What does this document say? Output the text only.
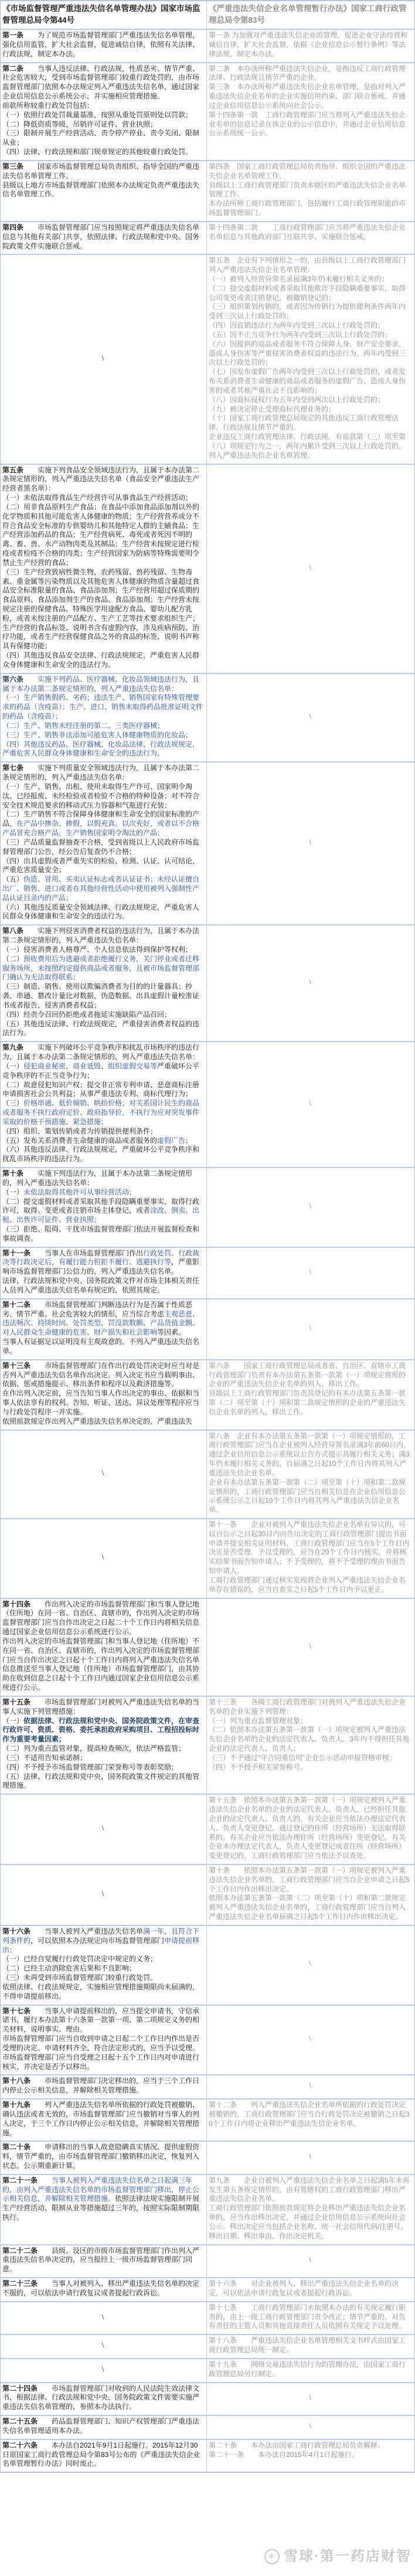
《市场监督管理严重违法失信名单管理办法》国家市场监督管理总局令第44号

《严重违法失信企业名单管理暂行办法》国家工商行政管理总局令第83号

第一条　　为了规范市场监督管理部门严重违法失信名单管理，强化信用监管，扩大社会监督，促进诚信自律，依照有关法律、行政法规，制定本办法。

第一条 为加强对严重违法失信企业的管理，促进企业守法经营和诚信自律，扩大社会监督，依据《企业信息公示暂行条例》等法律法规，制定本办法。

第二条　　当事人违反法律、行政法规，性质恶劣、情节严重、社会危害较大，受到市场监督管理部门较重行政处罚的，由市场监督管理部门依照本办法规定列入严重违法失信名单，通过国家企业信用信息公示系统公示，并实施相应管理措施。

前款所称较重行政处罚包括：

（一）依照行政处罚裁量基准，按照从重处罚原则处以罚款；

（二）降低资质等级，吊销许可证件、营业执照；

（三）限制开展生产经营活动、责令停产停业、责令关闭、限制从业；

（四）法律、行政法规和部门规章规定的其他较重行政处罚。

第二条　本办法所称严重违法失信企业，是指违反工商行政管理法律、行政法规且情节严重的企业。

第三条　本办法所称严重违法失信企业名单管理，是指对列入严重违法失信企业名单的企业实施信用约束、部门联合惩戒，并通过企业信用信息公示系统向社会公示。

第十四条第一款　工商行政管理部门应当将列入严重违法失信企业名单的信息记录在该企业的公示信息中，并通过企业信用信息公示系统统一公示。

第三条　　国家市场监督管理总局负责组织、指导全国的严重违法失信名单管理工作。

县级以上地方市场监督管理部门依照本办法规定负责严重违法失信名单管理工作。

第四条　国家工商行政管理总局负责指导、组织全国的严重违法失信企业名单管理工作。

县级以上工商行政管理部门负责本辖区的严重违法失信企业名单管理工作。

本办法所称工商行政管理部门，包括履行工商行政管理职能的市场监督管理部门。

第四条　　市场监督管理部门应当按照规定将严重违法失信名单信息与其他有关部门共享，依照法律、行政法规和党中央、国务院政策文件实施联合惩戒。

第十四条第二款　　工商行政管理部门应当将严重违法失信企业名单信息与其他政府部门互联共享，实施联合惩戒。

\

第五条　企业有下列情形之一的，由县级以上工商行政管理部门列入严重违法失信企业名单管理：

（一）被列入经营异常名录届满3年仍未履行相关义务的；

（二）提交虚假材料或者采取其他欺诈手段隐瞒重要事实，取得公司变更或者注销登记，被撤销登记的；

（三）组织策划传销的，或者因为传销行为提供便利条件两年内受到三次以上行政处罚的；

（四）因直销违法行为两年内受到三次以上行政处罚的；

（五）因不正当竞争行为两年内受到三次以上行政处罚的；

（六）因提供的商品或者服务不符合保障人身、财产安全要求，造成人身伤害等严重侵害消费者权益的违法行为，两年内受到三次以上行政处罚的；

（七）因发布虚假广告两年内受到三次以上行政处罚的，或者发布关系消费者生命健康的商品或者服务的虚假广告，造成人身伤害的或者其他严重社会不良影响的；

（八）因商标侵权行为五年内受到两次以上行政处罚的；

（九）被决定停止受理商标代理业务的；

（十）国家工商行政管理总局规定的其他违反工商行政管理法律、行政法规且情节严重的。

企业违反工商行政管理法律、行政法规，有前款第（三）项至第（八）项规定行为之一，两年内累计受到三次以上行政处罚的，列入严重违法失信企业名单管理。

第五条　　实施下列食品安全领域违法行为，且属于本办法第二条规定情形的，列入严重违法失信名单（食品安全严重违法生产经营者黑名单）：

（一）未依法取得食品生产经营许可从事食品生产经营活动；

（二）用非食品原料生产食品；在食品中添加食品添加剂以外的化学物质和其他可能危害人体健康的物质；生产经营营养成分不符合食品安全标准的专供婴幼儿和其他特定人群的主辅食品；生产经营添加药品的食品；生产经营病死、毒死或者死因不明的禽、畜、兽、水产动物肉类及其制品；生产经营未按规定进行检疫或者检疫不合格的肉类；生产经营国家为防病等特殊需要明令禁止生产经营的食品；

（三）生产经营致病性微生物，农药残留、兽药残留、生物毒素、重金属等污染物质以及其他危害人体健康的物质含量超过食品安全标准限量的食品、食品添加剂；生产经营用超过保质期的食品原料、食品添加剂生产的食品、食品添加剂；生产经营未按规定注册的保健食品、特殊医学用途配方食品、婴幼儿配方乳粉，或者未按注册的产品配方、生产工艺等技术要求组织生产；生产经营的食品标签、说明书含有虚假内容，涉及疾病预防、治疗功能，或者生产经营保健食品之外的食品的标签、说明书声称具有保健功能；

（四）其他违反食品安全法律、行政法规规定，严重危害人民群众身体健康和生命安全的违法行为。

\

第六条　　实施下列药品、医疗器械、化妆品领域违法行为，且属于本办法第二条规定情形的，列入严重违法失信名单：

（一）生产销售假药、劣药；违法生产、销售国家有特殊管理要求的药品（含疫苗）；生产、进口、销售未取得药品批准证明文件的药品（含疫苗）；

（二）生产、销售未经注册的第二、三类医疗器械；

（三）生产、销售非法添加可能危害人体健康物质的化妆品；

（四）其他违反药品、医疗器械、化妆品法律、行政法规规定，严重危害人民群众身体健康和生命安全的违法行为。

\

第七条　　实施下列质量安全领域违法行为，且属于本办法第二条规定情形的，列入严重违法失信名单：

（一）生产、销售、出租、使用未取得生产许可、国家明令淘汰、已经报废、未经检验或者检验不合格的特种设备；对不符合安全技术规范要求的移动式压力容器和气瓶进行充装；

（二）生产销售不符合保障身体健康和生命安全的国家标准的产品，在产品中掺杂、掺假，以假充真、以次充好，或者以不合格产品冒充合格产品，生产销售国家明令淘汰的产品；

（三）产品质量监督抽查不合格，受到省级以上人民政府市场监督管理部门公告，经公告后复查仍不合格；

（四）出具虚假或者严重失实的检验、检测、认证、认可结论，严重危害质量安全；

（五）伪造、冒用、买卖认证标志或者认证证书；未经认证擅自出厂、销售、进口或者在其他经营性活动中使用被列入强制性产品认证目录内的产品；

（六）其他违反质量安全领域法律、行政法规规定，严重危害人民群众身体健康和生命安全的违法行为。

\

第八条　　实施下列侵害消费者权益的违法行为，且属于本办法第二条规定情形的，列入严重违法失信名单：

（一）侵害消费者人格尊严、个人信息依法得到保护等权利；

（二）预收费用后为逃避或者拒绝履行义务，关门停业或者迁移服务场所，未按照约定提供商品或者服务，且被市场监督管理部门确认为无法取得联系；

（三）制造、销售、使用以欺骗消费者为目的的计量器具；抄袭、串通、篡改计量比对数据，伪造数据、出具虚假计量校准证书或者报告，侵害消费者权益；

（四）经责令召回仍拒绝或者拖延实施缺陷产品召回；

（五）其他违反法律、行政法规规定，严重侵害消费者权益的违法行为。

\

第九条　　实施下列破坏公平竞争秩序和扰乱市场秩序的违法行为，且属于本办法第二条规定情形的，列入严重违法失信名单：

（一）侵犯商业秘密、商业诋毁、组织虚假交易等严重破坏公平竞争秩序的不正当竞争行为；

（二）故意侵犯知识产权；提交非正常专利申请、恶意商标注册申请损害社会公共利益；从事严重违法专利、商标代理行为；

（三）价格串通、低价倾销、哄抬价格；对关系国计民生的商品或者服务不执行政府定价、政府指导价，不执行为应对突发事件采取的价格干预措施、紧急措施；

（四）组织、策划传销或者为传销提供便利条件；

（五）发布关系消费者生命健康的商品或者服务的虚假广告；

（六）其他违反法律、行政法规规定，严重破坏公平竞争秩序和扰乱市场秩序的违法行为。

\

第十条　　实施下列违法行为，且属于本办法第二条规定情形的，列入严重违法失信名单：

（一）未依法取得其他许可从事经营活动；

（二）提交虚假材料或者采取其他手段隐瞒重要事实，取得行政许可，取得、变更或者注销市场主体登记，或者涂改、倒卖、出租、出售许可证件、营业执照；

（三）拒绝、阻碍、干扰市场监督管理部门依法开展监督检查和事故调查。

\

第十一条　　当事人在市场监督管理部门作出行政处罚、行政裁决等行政决定后，有履行能力但拒不履行、逃避执行等，严重影响市场监督管理部门公信力的，列入严重违法失信名单。

法律、行政法规和党中央、国务院政策文件对市场主体相关责任人员列入严重违法失信名单有规定的，依照其规定。

\

第十二条　　市场监督管理部门判断违法行为是否属于性质恶劣、情节严重、社会危害较大的情形，应当综合考虑主观恶意、违法频次、持续时间、处罚类型、罚没款数额、产品货值金额、对人民群众生命健康的危害、财产损失和社会影响等因素。

当事人有证据足以证明没有主观故意的，不列入严重违法失信名单。

\

第十三条　　市场监督管理部门在作出行政处罚决定时应当对是否列入严重违法失信名单作出决定。列入决定书应当载明事由、依据、惩戒措施提示、移出条件和程序以及救济措施等。

在作出列入决定前，应当告知当事人作出决定的事由、依据和当事人依法享有的权利。告知、听证、送达、异议处理等程序应当与行政处罚程序一并实施。

依照前款规定作出列入严重违法失信名单决定的，严重违法失

第六条　　国家工商行政管理总局或者省、自治区、直辖市工商行政管理部门负责有本办法第五条第一款第（一）项规定情形的企业的严重违法失信企业名单的列入、移出工作。

县级以上工商行政管理部门负责其登记的有本办法第五条第一款第（二）项至第（十）项和第二款规定情形的企业的严重违法失信企业名单的列入、移出工作。

\

第八条　企业有本办法第五条第一款第（一）项规定情形的，工商行政管理部门应当在企业被列入经营异常名录满3年前60日内，通过企业信用信息公示系统以公告方式提示其履行相关义务；满3年仍未履行相关义务的，自届满之日起10个工作日内将其列入严重违法失信企业名单。

企业有本办法第五条第一款第（二）项至第（十）项和第二款规定情形的，工商行政管理部门应当自相关信息在企业信用信息公示系统公示之日起10个工作日内将其列入严重违法失信企业名单。

\

第十一条　　企业对被列入严重违法失信企业名单有异议的，可以自公示之日起30日内向作出决定的工商行政管理部门提出书面申请并提交相关证明材料，工商行政管理部门应当在5个工作日内决定是否受理。予以受理的，应当在20个工作日内核实，并将核实结果书面告知申请人；不予受理的，将不予受理的理由书面告知申请人。

工商行政管理部门通过核实发现将企业列入严重违法失信企业名单存在错误的，应当自查实之日起5个工作日内予以更正。

第十四条　　作出列入决定的市场监督管理部门和当事人登记地（住所地）在同一省、自治区、直辖市的，作出列入决定的市场监督管理部门应当自作出决定之日起二十个工作日内将相关信息通过国家企业信用信息公示系统进行公示。

作出列入决定的市场监督管理部门和当事人登记地（住所地）不在同一省、自治区、直辖市的，作出列入决定的市场监督管理部门应当自作出决定之日起十个工作日内将列入严重违法失信名单信息推送至当事人登记地（住所地）市场监督管理部门，由其协助在收到信息之日起十个工作日内通过国家企业信用信息公示系统进行公示。

\

第十五条　　市场监督管理部门对被列入严重违法失信名单的当事人实施下列管理措施：

（一）依据法律、行政法规和党中央、国务院政策文件，在审查行政许可、资质、资格、委托承担政府采购项目、工程招投标时作为重要考量因素；

（二）列为重点监管对象，提高检查频次，依法严格监管；

（三）不适用告知承诺制；

（四）不予授予市场监督管理部门荣誉称号等表彰奖励；

（五）法律、行政法规和党中央、国务院政策文件规定的其他管理措施。

第十三条　　各级工商行政管理部门对被列入严重违法失信企业名单的企业实施下列管理：

（一）列为重点监督管理对象；

（二）依照本办法第五条第一款第（一）项规定被列入严重违法失信企业名单的企业的法定代表人、负责人，3年内不得担任其他企业的法定代表人、负责人；

（三）不予通过“守合同重信用”企业公示活动申报资格审核；

（四）不予授予相关荣誉称号。

\

第十五条　依照本办法第五条第一款第（一）项规定被列入严重违法失信企业名单的企业的法定代表人、负责人，已经担任其他企业的法定代表人、负责人的，有关企业应当依法办理法定代表人、负责人变更登记。通过登记的住所（经营场所）无法取得联系的，有关企业应当依法办理住所（经营场所）变更登记。有关企业未办理法定代表人、负责人变更登记或者住所（经营场所）变更登记的，工商行政管理部门应当依法予以查处。

\

第十条　　依照本办法第五条第一款第（一）项规定被列入严重违法失信企业名单的，工商行政管理部门应当自企业申请之日起5个工作日内作出移出决定。

依照本办法第五条第一款第（二）项至第（十）项和第二款规定被列入严重违法失信企业名单的，工商行政管理部门应当自列入严重违法失信企业名单届满之日起5个工作日内作出移出决定。

第十六条　　当事人被列入严重违法失信名单满一年，且符合下列条件的，可以依照本办法规定向市场监督管理部门申请提前移出：

（一）已经自觉履行行政处罚决定中规定的义务；

（二）已经主动消除危害后果和不良影响；

（三）未再受到市场监督管理部门较重行政处罚。

依照法律、行政法规规定，实施相应管理措施期限尚未届满的，不得申请提前移出。

\

第十七条　　当事人申请提前移出的，应当提交申请书，守信承诺书，履行本办法第十六条第一款第一项、第二项规定义务的相关材料，说明事实、理由。

市场监督管理部门应当自收到申请之日起二个工作日内作出是否受理的决定。申请材料齐全、符合法定形式的，应当予以受理。

市场监督管理部门应当自受理之日起十五个工作日内对申请进行核实，并决定是否予以移出。

\

第十八条　　市场监督管理部门决定移出的，应当于三个工作日内停止公示相关信息，并解除相关管理措施。

\

第十九条　　列入严重违法失信名单所依据的行政处罚被撤销、确认违法或者无效的，市场监督管理部门应当撤销对当事人的列入决定，于三个工作日内停止公示相关信息，并解除相关管理措施。

第十二条　　列入严重违法失信企业名单所依据的行政处罚决定被撤销的，工商行政管理部门应当自行政处罚决定被撤销之日起30个工作日内将企业移出严重违法失信企业名单。

第二十条　　申请移出的当事人故意隐瞒真实情况、提供虚假资料，情节严重的，由市场监督管理部门撤销移出决定，恢复列入状态。公示期重新计算。

\

第二十一条　　 当事人被列入严重违法失信名单之日起满三年的，由列入严重违法失信名单的市场监督管理部门移出，停止公示相关信息，并解除相关管理措施。依照法律法规实施限制开展生产经营活动、限制从业等措施超过三年的，按照实际限制期限执行。

第九条　　企业自被列入严重违法失信企业名单之日起满5年未再发生第五条规定情形的，由有管辖权的工商行政管理部门移出严重违法失信企业名单。

工商行政管理部门依照前款规定将企业移出严重违法失信企业名单的，应当作出移出决定，并通过企业信用信息公示系统向社会公示。移出决定应当包括企业名称、统一社会信用代码/注册号、移出日期、移出事由、作出决定机关。

第二十二条　　县级、设区的市级市场监督管理部门作出列入严重违法失信名单决定的，应当报经上一级市场监督管理部门同意。

\

第二十三条　　当事人对被列入、移出严重违法失信名单的决定不服的，可以依法申请行政复议或者提起行政诉讼。

第十六条　　对企业被列入、移出严重违法失信企业名单的决定，可以依法申请行政复议或者提起行政诉讼。

\

第十七条　　工商行政管理部门未依照本办法的有关规定履行职责的，由上一级工商行政管理部门责令改正；情节严重的，对负有责任的主管人员和其他直接责任人员依照有关规定予以处理。

\

第十八条　　严重违法失信企业名单管理相关文书样式由国家工商行政管理总局统一制定。

\

第十九条　　网络交易违法失信行为的管理办法，由国家工商行政管理总局另行制定。

第二十四条　　市场监督管理部门对收到的人民法院生效法律文书，根据法律、行政法规和党中央、国务院政策文件需要实施严重违法失信名单管理的，参照本办法执行。

\

第二十五条　　药品监督管理部门、知识产权管理部门严重违法失信名单管理适用本办法。

\

第二十六条　　本办法自2021年9月1日起施行。2015年12月30日原国家工商行政管理总局令第83号公布的《严重违法失信企业名单管理暂行办法》同时废止。

第二十条　　本办法由国家工商行政管理总局负责解释。

第二十一条　　本办法自2015年4月1日起施行。

❄ 雪球·第一药店财智
